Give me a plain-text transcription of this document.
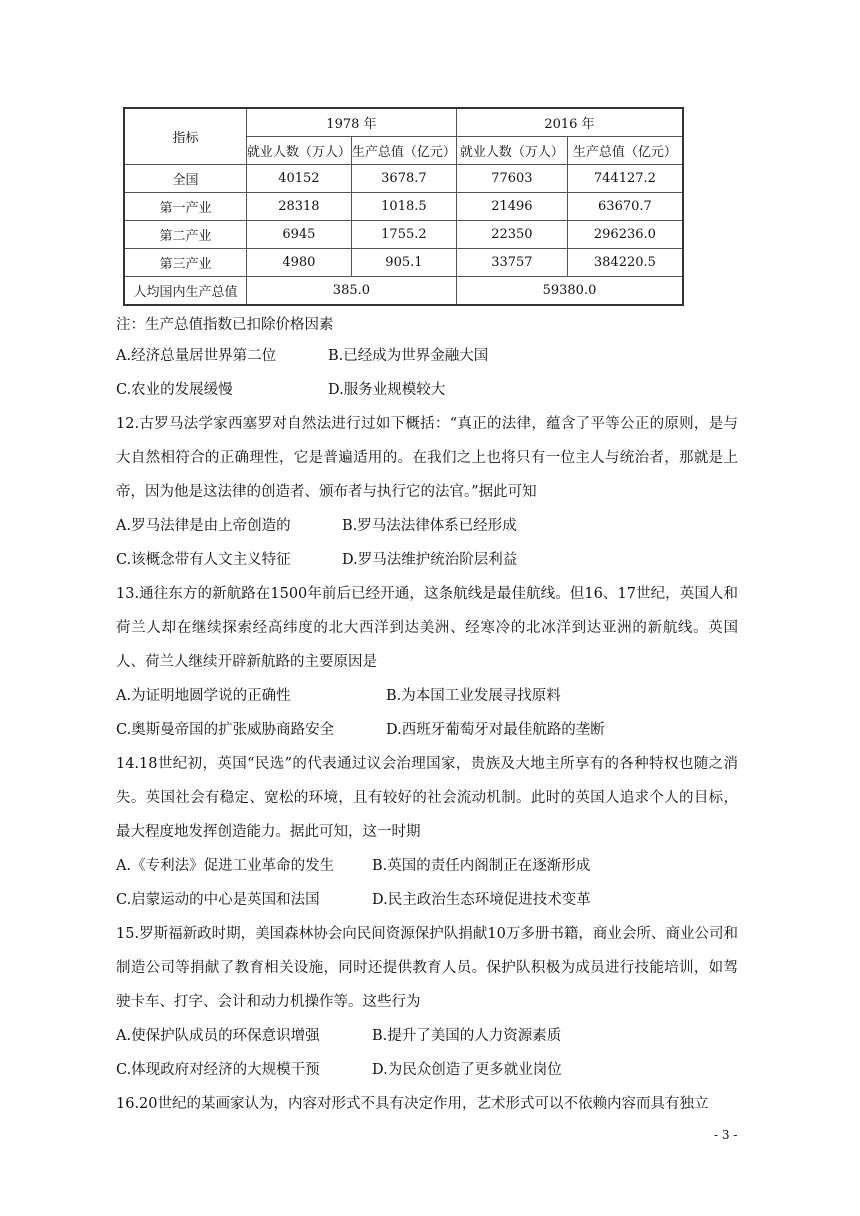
指标	1978 年		2016 年	
	就业人数（万人）	生产总值（亿元）	就业人数（万人）	生产总值（亿元）
全国	40152	3678.7	77603	744127.2
第一产业	28318	1018.5	21496	63670.7
第二产业	6945	1755.2	22350	296236.0
第三产业	4980	905.1	33757	384220.5
人均国内生产总值	385.0		59380.0	
注：生产总值指数已扣除价格因素
A.经济总量居世界第二位	B.已经成为世界金融大国
C.农业的发展缓慢	D.服务业规模较大

12.古罗马法学家西塞罗对自然法进行过如下概括：“真正的法律，蕴含了平等公正的原则，是与大自然相符合的正确理性，它是普遍适用的。在我们之上也将只有一位主人与统治者，那就是上帝，因为他是这法律的创造者、颁布者与执行它的法官。”据此可知

A.罗马法律是由上帝创造的	B.罗马法法律体系已经形成
C.该概念带有人文主义特征	D.罗马法维护统治阶层利益

13.通往东方的新航路在1500年前后已经开通，这条航线是最佳航线。但16、17世纪，英国人和荷兰人却在继续探索经高纬度的北大西洋到达美洲、经寒冷的北冰洋到达亚洲的新航线。英国人、荷兰人继续开辟新航路的主要原因是

A.为证明地圆学说的正确性	B.为本国工业发展寻找原料
C.奥斯曼帝国的扩张威胁商路安全	D.西班牙葡萄牙对最佳航路的垄断

14.18世纪初，英国“民选”的代表通过议会治理国家，贵族及大地主所享有的各种特权也随之消失。英国社会有稳定、宽松的环境，且有较好的社会流动机制。此时的英国人追求个人的目标，最大程度地发挥创造能力。据此可知，这一时期

A.《专利法》促进工业革命的发生	B.英国的责任内阁制正在逐渐形成
C.启蒙运动的中心是英国和法国	D.民主政治生态环境促进技术变革

15.罗斯福新政时期，美国森林协会向民间资源保护队捐献10万多册书籍，商业会所、商业公司和制造公司等捐献了教育相关设施，同时还提供教育人员。保护队积极为成员进行技能培训，如驾驶卡车、打字、会计和动力机操作等。这些行为

A.使保护队成员的环保意识增强	B.提升了美国的人力资源素质
C.体现政府对经济的大规模干预	D.为民众创造了更多就业岗位

16.20世纪的某画家认为，内容对形式不具有决定作用，艺术形式可以不依赖内容而具有独立

- 3 -
